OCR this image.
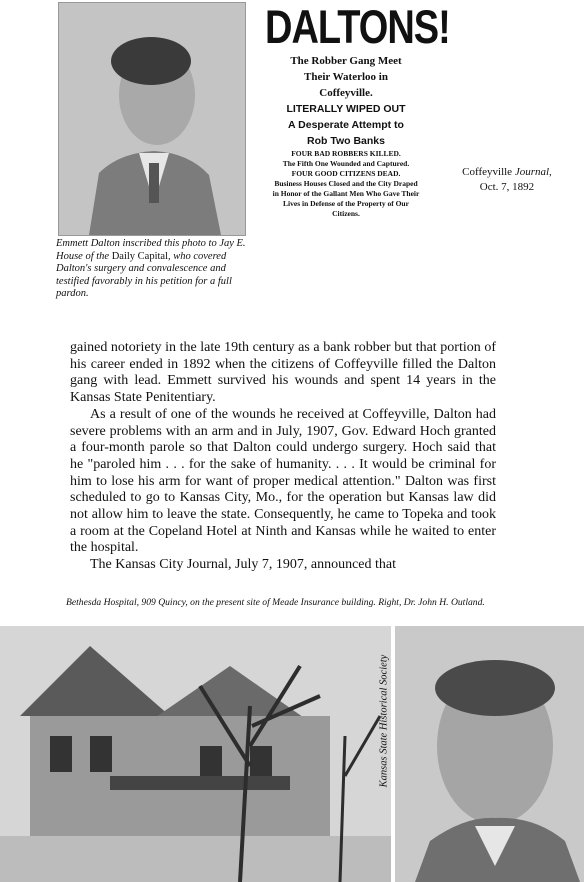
Emmett Dalton inscribed this photo to Jay E. House of the Daily Capital, who covered Dalton's surgery and convalescence and testified favorably in his petition for a full pardon.
DALTONS!
The Robber Gang Meet
Their Waterloo in
Coffeyville.
LITERALLY WIPED OUT
A Desperate Attempt to
Rob Two Banks
FOUR BAD ROBBERS KILLED.
The Fifth One Wounded and Captured.
FOUR GOOD CITIZENS DEAD.
Business Houses Closed and the City Draped in Honor of the Gallant Men Who Gave Their Lives in Defense of the Property of Our Citizens.
Coffeyville Journal,
Oct. 7, 1892

gained notoriety in the late 19th century as a bank robber but that portion of his career ended in 1892 when the citizens of Coffeyville filled the Dalton gang with lead. Emmett survived his wounds and spent 14 years in the Kansas State Penitentiary.

As a result of one of the wounds he received at Coffeyville, Dalton had severe problems with an arm and in July, 1907, Gov. Edward Hoch granted a four-month parole so that Dalton could undergo surgery. Hoch said that he "paroled him . . . for the sake of humanity. . . . It would be criminal for him to lose his arm for want of proper medical attention." Dalton was first scheduled to go to Kansas City, Mo., for the operation but Kansas law did not allow him to leave the state. Consequently, he came to Topeka and took a room at the Copeland Hotel at Ninth and Kansas while he waited to enter the hospital.

The Kansas City Journal, July 7, 1907, announced that

Bethesda Hospital, 909 Quincy, on the present site of Meade Insurance building. Right, Dr. John H. Outland.
Kansas State Historical Society
